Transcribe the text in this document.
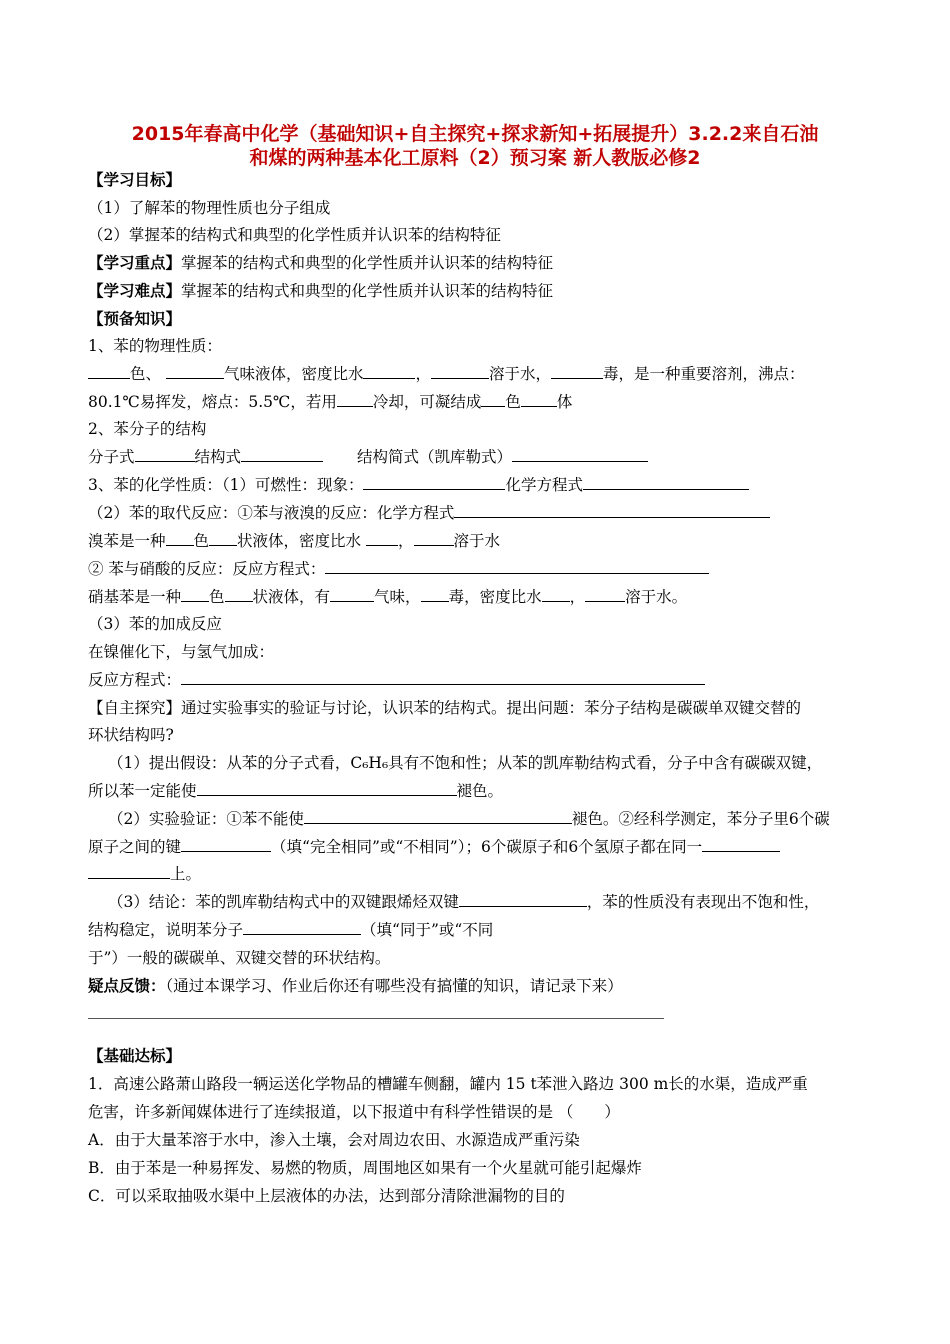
2015年春高中化学（基础知识+自主探究+探求新知+拓展提升）3.2.2来自石油
和煤的两种基本化工原料（2）预习案 新人教版必修2
【学习目标】
（1）了解苯的物理性质也分子组成
（2）掌握苯的结构式和典型的化学性质并认识苯的结构特征
【学习重点】掌握苯的结构式和典型的化学性质并认识苯的结构特征
【学习难点】掌握苯的结构式和典型的化学性质并认识苯的结构特征
【预备知识】
1、苯的物理性质：
色、	气味液体，密度比水	，	溶于水，	毒，是一种重要溶剂，沸点：
80.1℃易挥发，熔点：5.5℃，若用 冷却，可凝结成 色 体
2、苯分子的结构
分子式	结构式	结构简式（凯库勒式）
3、苯的化学性质：（1）可燃性：现象：	化学方程式
（2）苯的取代反应：①苯与液溴的反应：化学方程式
溴苯是一种 色 状液体，密度比水 ，	溶于水
② 苯与硝酸的反应：反应方程式：
硝基苯是一种 色 状液体，有	气味， 毒，密度比水 ，	溶于水。
（3）苯的加成反应
在镍催化下，与氢气加成：
反应方程式：
【自主探究】通过实验事实的验证与讨论，认识苯的结构式。提出问题：苯分子结构是碳碳单双键交替的
环状结构吗?
（1）提出假设：从苯的分子式看，C₆H₆具有不饱和性；从苯的凯库勒结构式看，分子中含有碳碳双键，
所以苯一定能使	褪色。
（2）实验验证：①苯不能使	褪色。②经科学测定，苯分子里6个碳
原子之间的键	（填“完全相同”或“不相同”）；6个碳原子和6个氢原子都在同一
上。
（3）结论：苯的凯库勒结构式中的双键跟烯烃双键	，苯的性质没有表现出不饱和性，
结构稳定，说明苯分子	（填“同于”或“不同
于”）一般的碳碳单、双键交替的环状结构。
疑点反馈：（通过本课学习、作业后你还有哪些没有搞懂的知识，请记录下来）
【基础达标】
1．高速公路萧山路段一辆运送化学物品的槽罐车侧翻，罐内 15 t苯泄入路边 300 m长的水渠，造成严重
危害，许多新闻媒体进行了连续报道，以下报道中有科学性错误的是 （　　）
A．由于大量苯溶于水中，渗入土壤，会对周边农田、水源造成严重污染
B．由于苯是一种易挥发、易燃的物质，周围地区如果有一个火星就可能引起爆炸
C．可以采取抽吸水渠中上层液体的办法，达到部分清除泄漏物的目的
